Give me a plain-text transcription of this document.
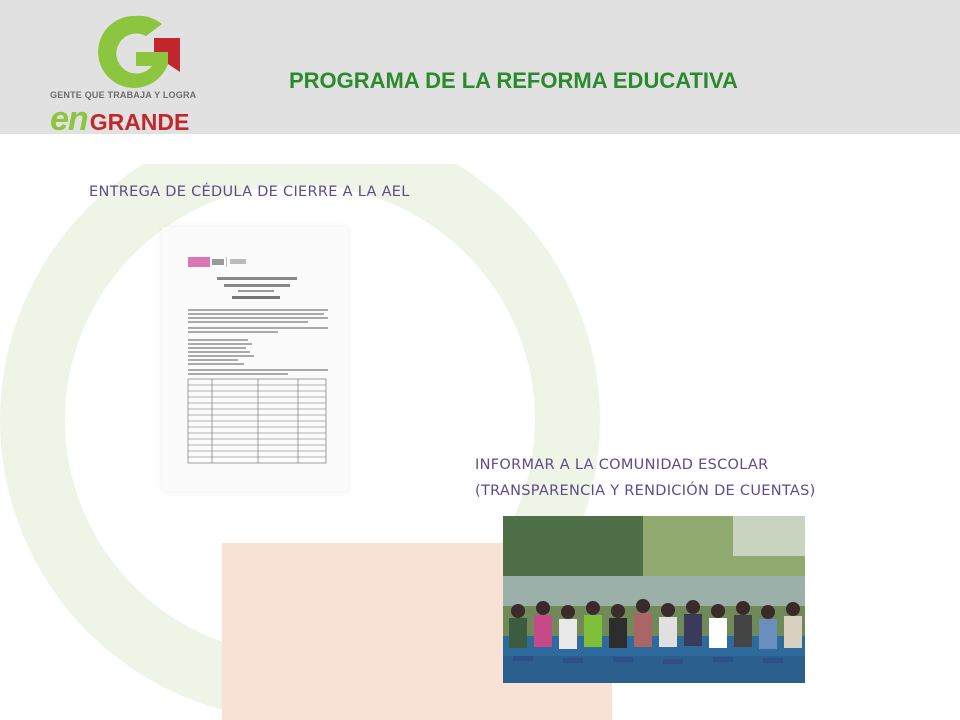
GENTE QUE TRABAJA Y LOGRA
enGRANDE
PROGRAMA DE LA REFORMA EDUCATIVA
ENTREGA DE CÉDULA DE CIERRE A LA AEL
INFORMAR A LA COMUNIDAD ESCOLAR
(TRANSPARENCIA Y RENDICIÓN DE CUENTAS)
